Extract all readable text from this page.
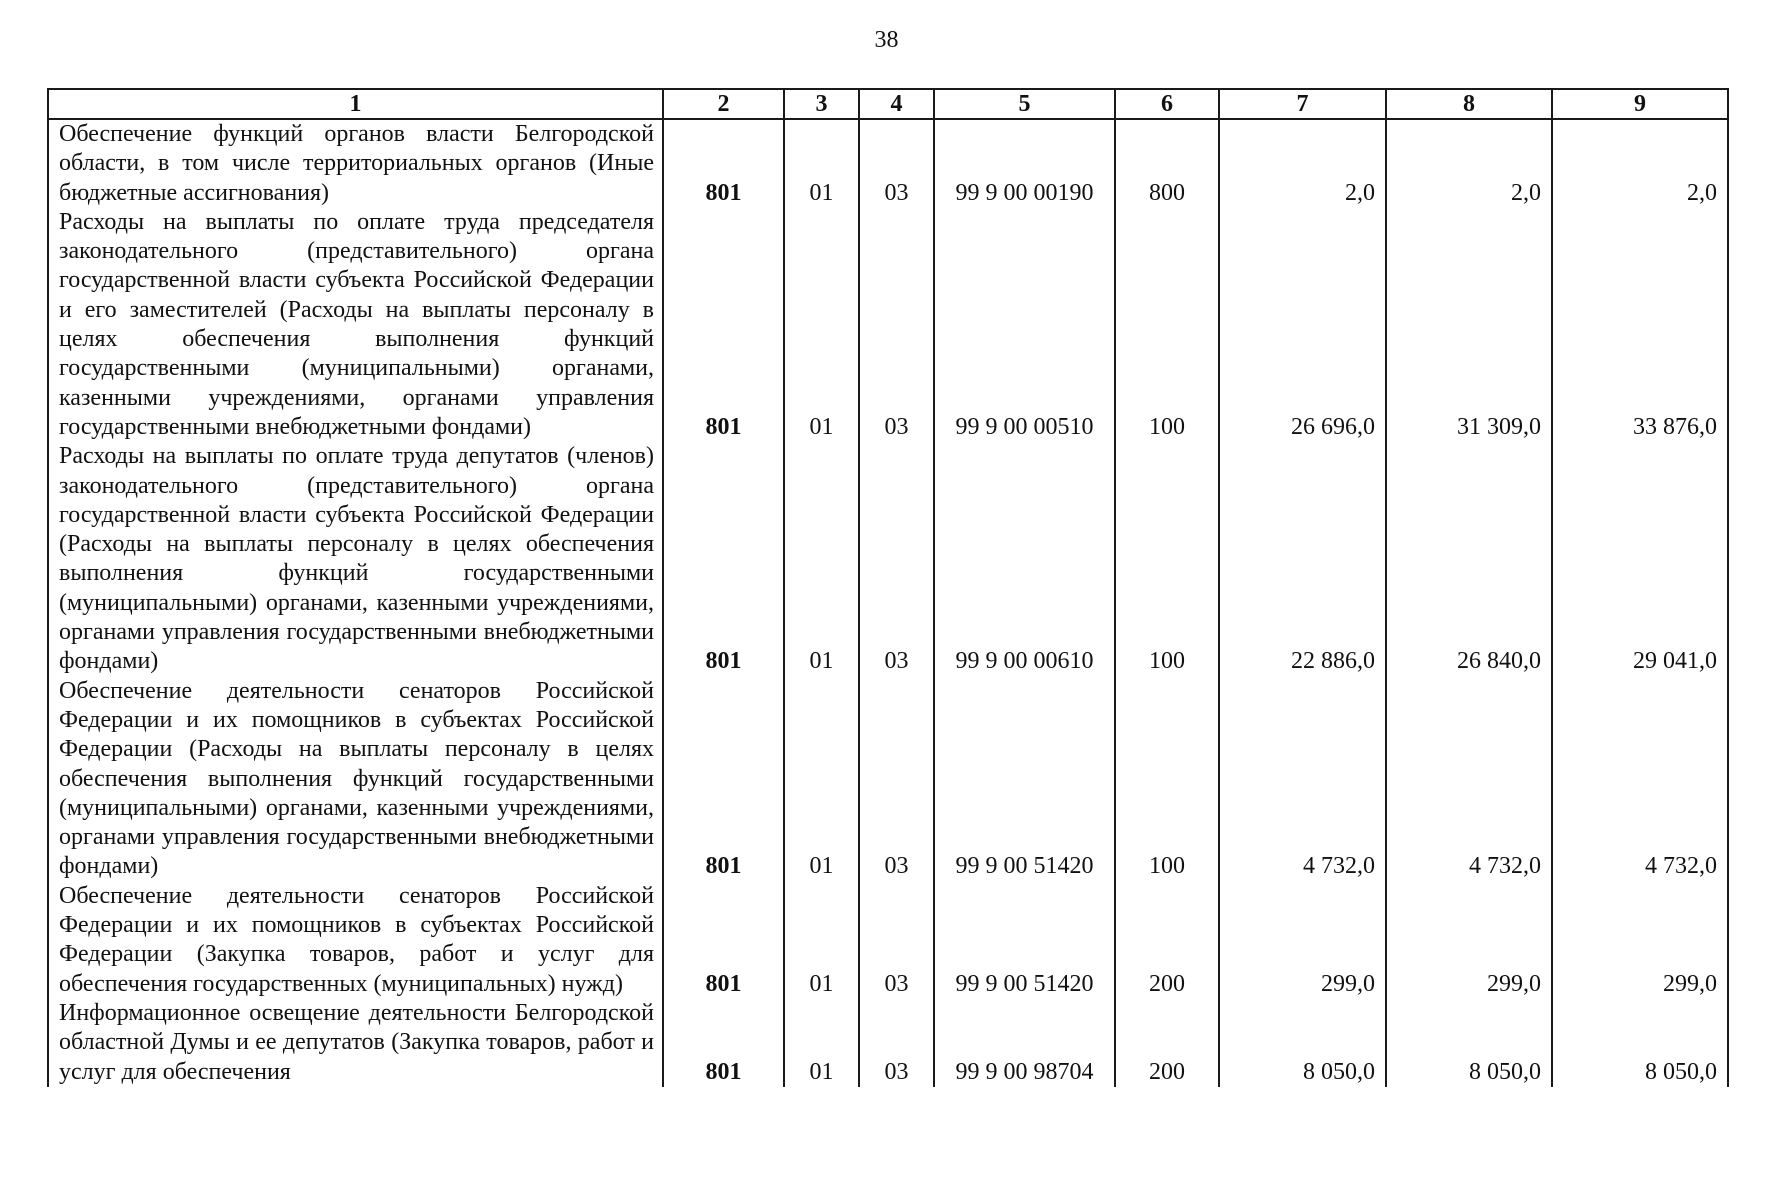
38
1	2	3	4	5	6	7	8	9
Обеспечение функций органов власти Белгородской области, в том числе территориальных органов (Иные бюджетные ассигнования)	801	01	03	99 9 00 00190	800	2,0	2,0	2,0
Расходы на выплаты по оплате труда председателя законодательного (представительного) органа государственной власти субъекта Российской Федерации и его заместителей (Расходы на выплаты персоналу в целях обеспечения выполнения функций государственными (муниципальными) органами, казенными учреждениями, органами управления государственными внебюджетными фондами)	801	01	03	99 9 00 00510	100	26 696,0	31 309,0	33 876,0
Расходы на выплаты по оплате труда депутатов (членов) законодательного (представительного) органа государственной власти субъекта Российской Федерации (Расходы на выплаты персоналу в целях обеспечения выполнения функций государственными (муниципальными) органами, казенными учреждениями, органами управления государственными внебюджетными фондами)	801	01	03	99 9 00 00610	100	22 886,0	26 840,0	29 041,0
Обеспечение деятельности сенаторов Российской Федерации и их помощников в субъектах Российской Федерации (Расходы на выплаты персоналу в целях обеспечения выполнения функций государственными (муниципальными) органами, казенными учреждениями, органами управления государственными внебюджетными фондами)	801	01	03	99 9 00 51420	100	4 732,0	4 732,0	4 732,0
Обеспечение деятельности сенаторов Российской Федерации и их помощников в субъектах Российской Федерации (Закупка товаров, работ и услуг для обеспечения государственных (муниципальных) нужд)	801	01	03	99 9 00 51420	200	299,0	299,0	299,0
Информационное освещение деятельности Белгородской областной Думы и ее депутатов (Закупка товаров, работ и услуг для обеспечения	801	01	03	99 9 00 98704	200	8 050,0	8 050,0	8 050,0
